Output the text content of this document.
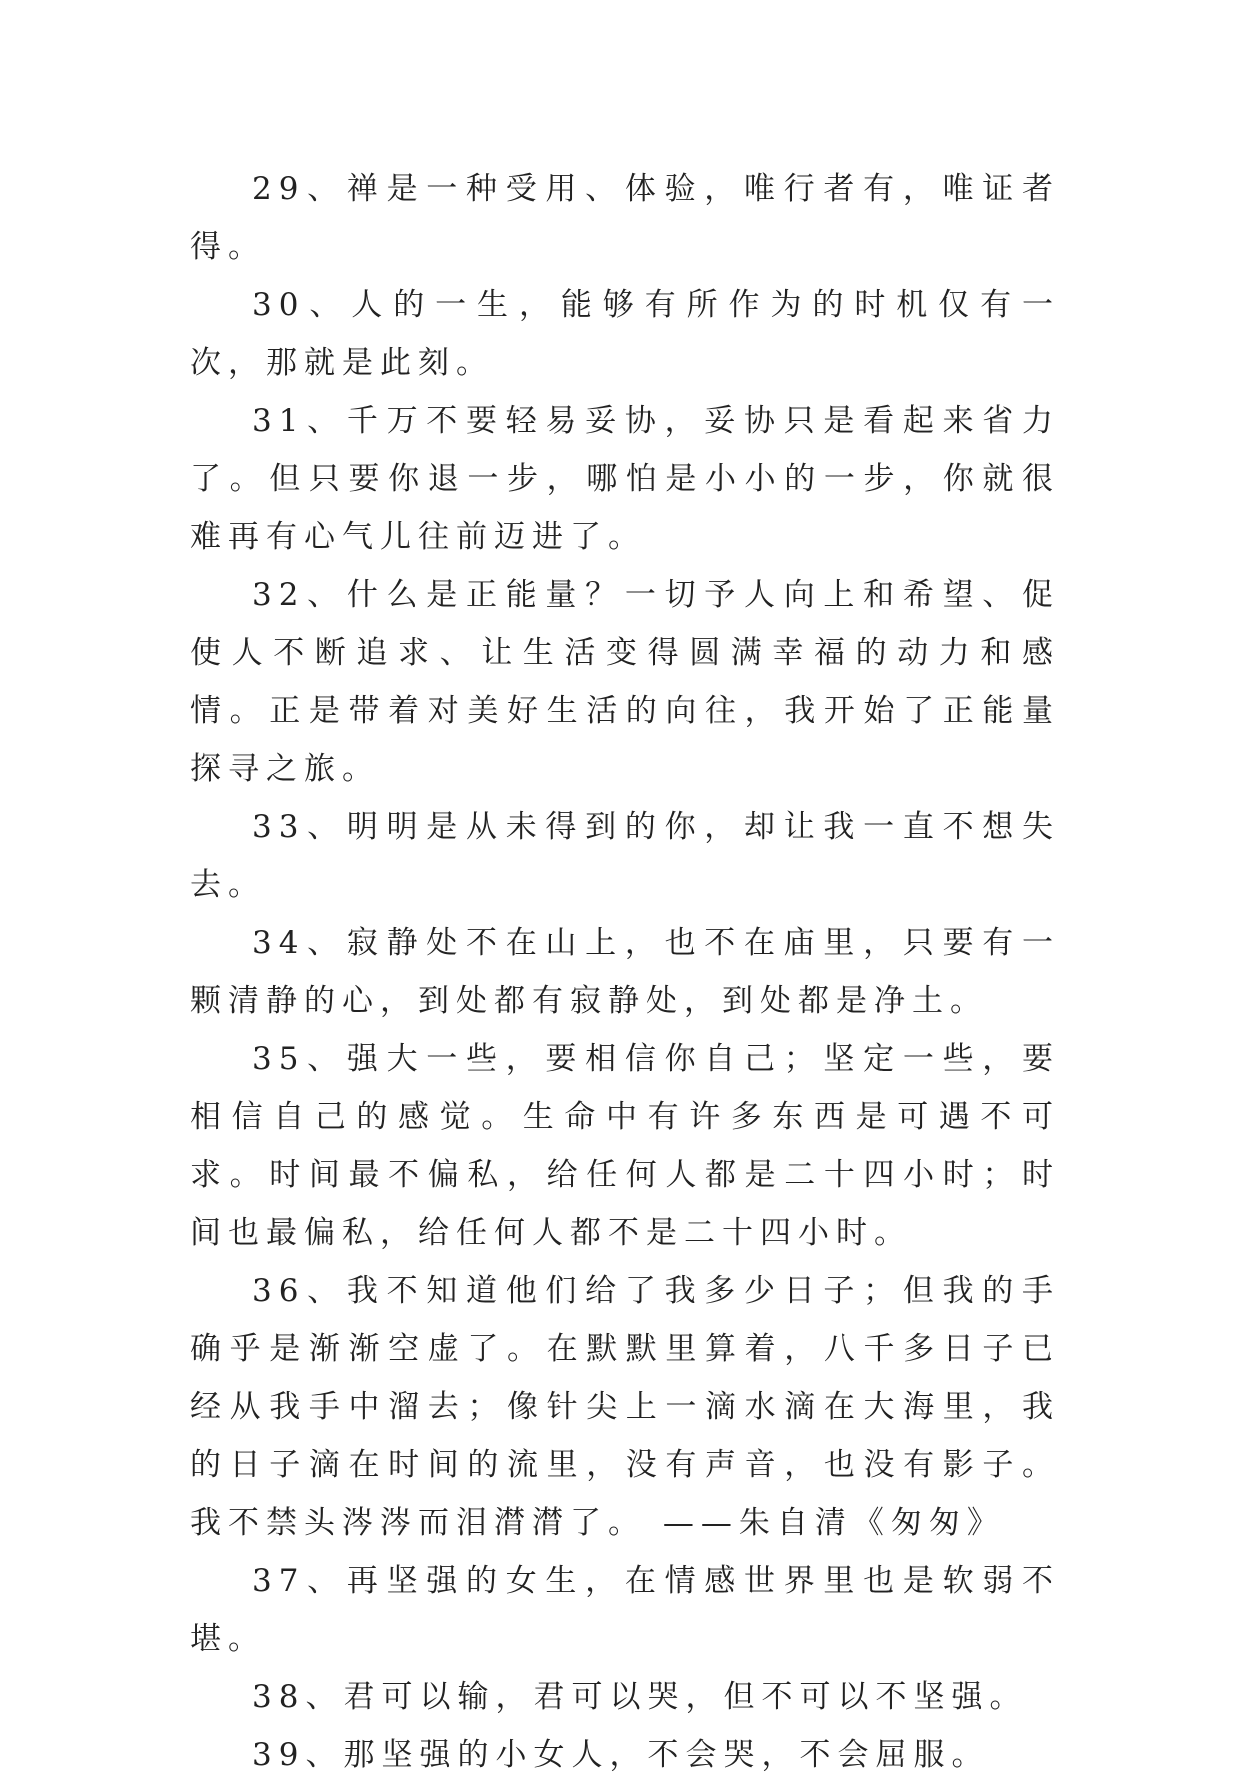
29、禅是一种受用、体验，唯行者有，唯证者得。

30、人的一生，能够有所作为的时机仅有一次，那就是此刻。

31、千万不要轻易妥协，妥协只是看起来省力了。但只要你退一步，哪怕是小小的一步，你就很难再有心气儿往前迈进了。

32、什么是正能量？一切予人向上和希望、促使人不断追求、让生活变得圆满幸福的动力和感情。正是带着对美好生活的向往，我开始了正能量探寻之旅。

33、明明是从未得到的你，却让我一直不想失去。

34、寂静处不在山上，也不在庙里，只要有一颗清静的心，到处都有寂静处，到处都是净土。

35、强大一些，要相信你自己；坚定一些，要相信自己的感觉。生命中有许多东西是可遇不可求。时间最不偏私，给任何人都是二十四小时；时间也最偏私，给任何人都不是二十四小时。

36、我不知道他们给了我多少日子；但我的手确乎是渐渐空虚了。在默默里算着，八千多日子已经从我手中溜去；像针尖上一滴水滴在大海里，我的日子滴在时间的流里，没有声音，也没有影子。我不禁头涔涔而泪潸潸了。 ——朱自清《匆匆》

37、再坚强的女生，在情感世界里也是软弱不堪。

38、君可以输，君可以哭，但不可以不坚强。

39、那坚强的小女人，不会哭，不会屈服。
